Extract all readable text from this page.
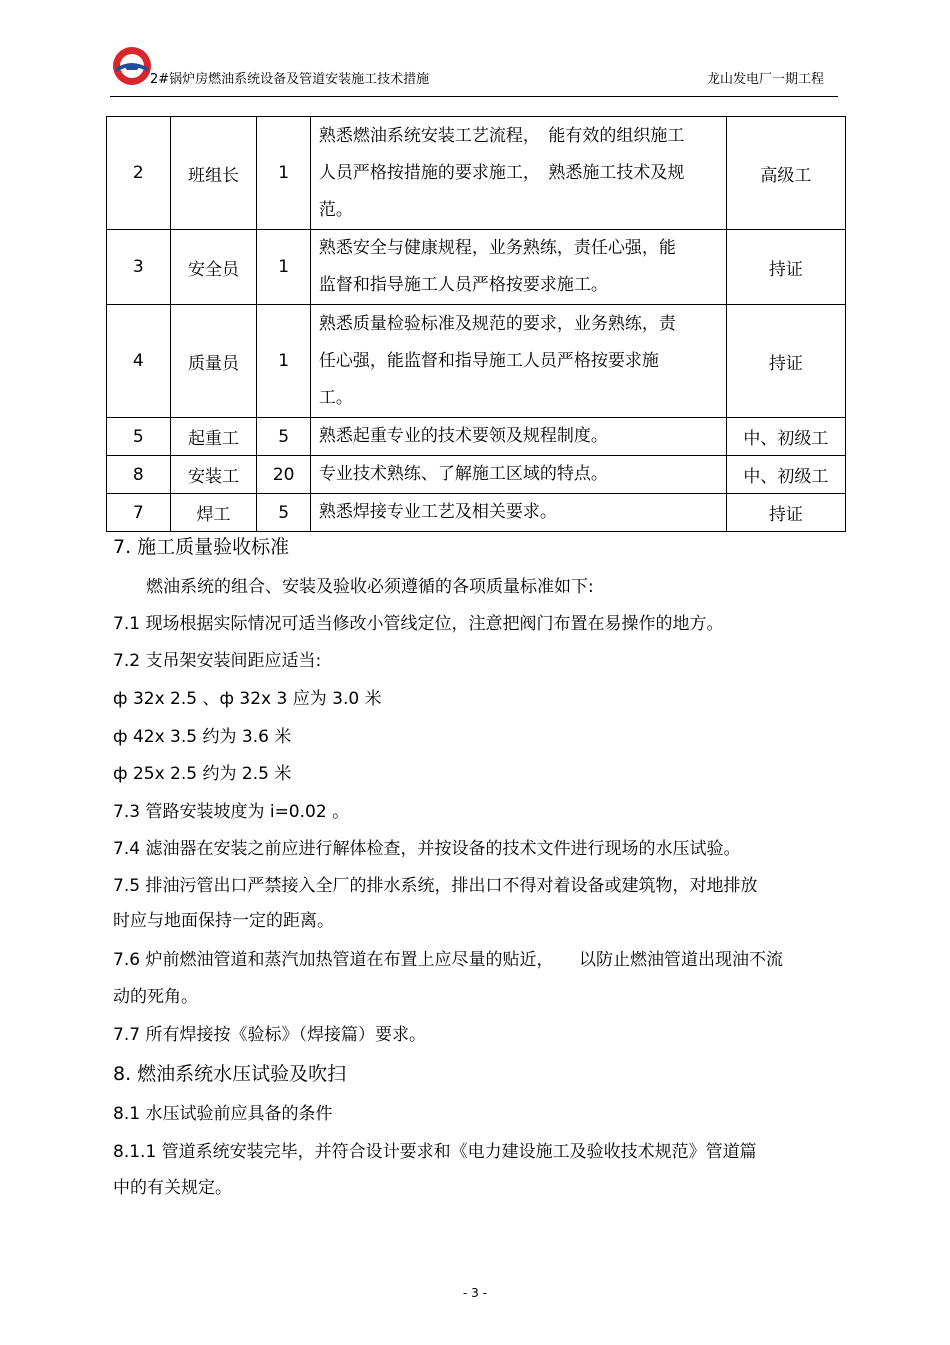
2#锅炉房燃油系统设备及管道安装施工技术措施	龙山发电厂一期工程
2	班组长	1	熟悉燃油系统安装工艺流程，　能有效的组织施工
人员严格按措施的要求施工，　熟悉施工技术及规
范。	高级工
3	安全员	1	熟悉安全与健康规程，业务熟练，责任心强，能
监督和指导施工人员严格按要求施工。	持证
4	质量员	1	熟悉质量检验标准及规范的要求，业务熟练，责
任心强，能监督和指导施工人员严格按要求施
工。	持证
5	起重工	5	熟悉起重专业的技术要领及规程制度。	中、初级工
8	安装工	20	专业技术熟练、了解施工区域的特点。	中、初级工
7	焊工	5	熟悉焊接专业工艺及相关要求。	持证
7. 施工质量验收标准
燃油系统的组合、安装及验收必须遵循的各项质量标准如下:
7.1 现场根据实际情况可适当修改小管线定位，注意把阀门布置在易操作的地方。
7.2 支吊架安装间距应适当:
ф 32x 2.5 、ф 32x 3 应为 3.0 米
ф 42x 3.5 约为 3.6 米
ф 25x 2.5 约为 2.5 米
7.3 管路安装坡度为 i=0.02 。
7.4 滤油器在安装之前应进行解体检查，并按设备的技术文件进行现场的水压试验。
7.5 排油污管出口严禁接入全厂的排水系统，排出口不得对着设备或建筑物，对地排放
时应与地面保持一定的距离。
7.6 炉前燃油管道和蒸汽加热管道在布置上应尽量的贴近，　　以防止燃油管道出现油不流
动的死角。
7.7 所有焊接按《验标》（焊接篇）要求。
8. 燃油系统水压试验及吹扫
8.1 水压试验前应具备的条件
8.1.1 管道系统安装完毕，并符合设计要求和《电力建设施工及验收技术规范》管道篇
中的有关规定。
- 3 -
